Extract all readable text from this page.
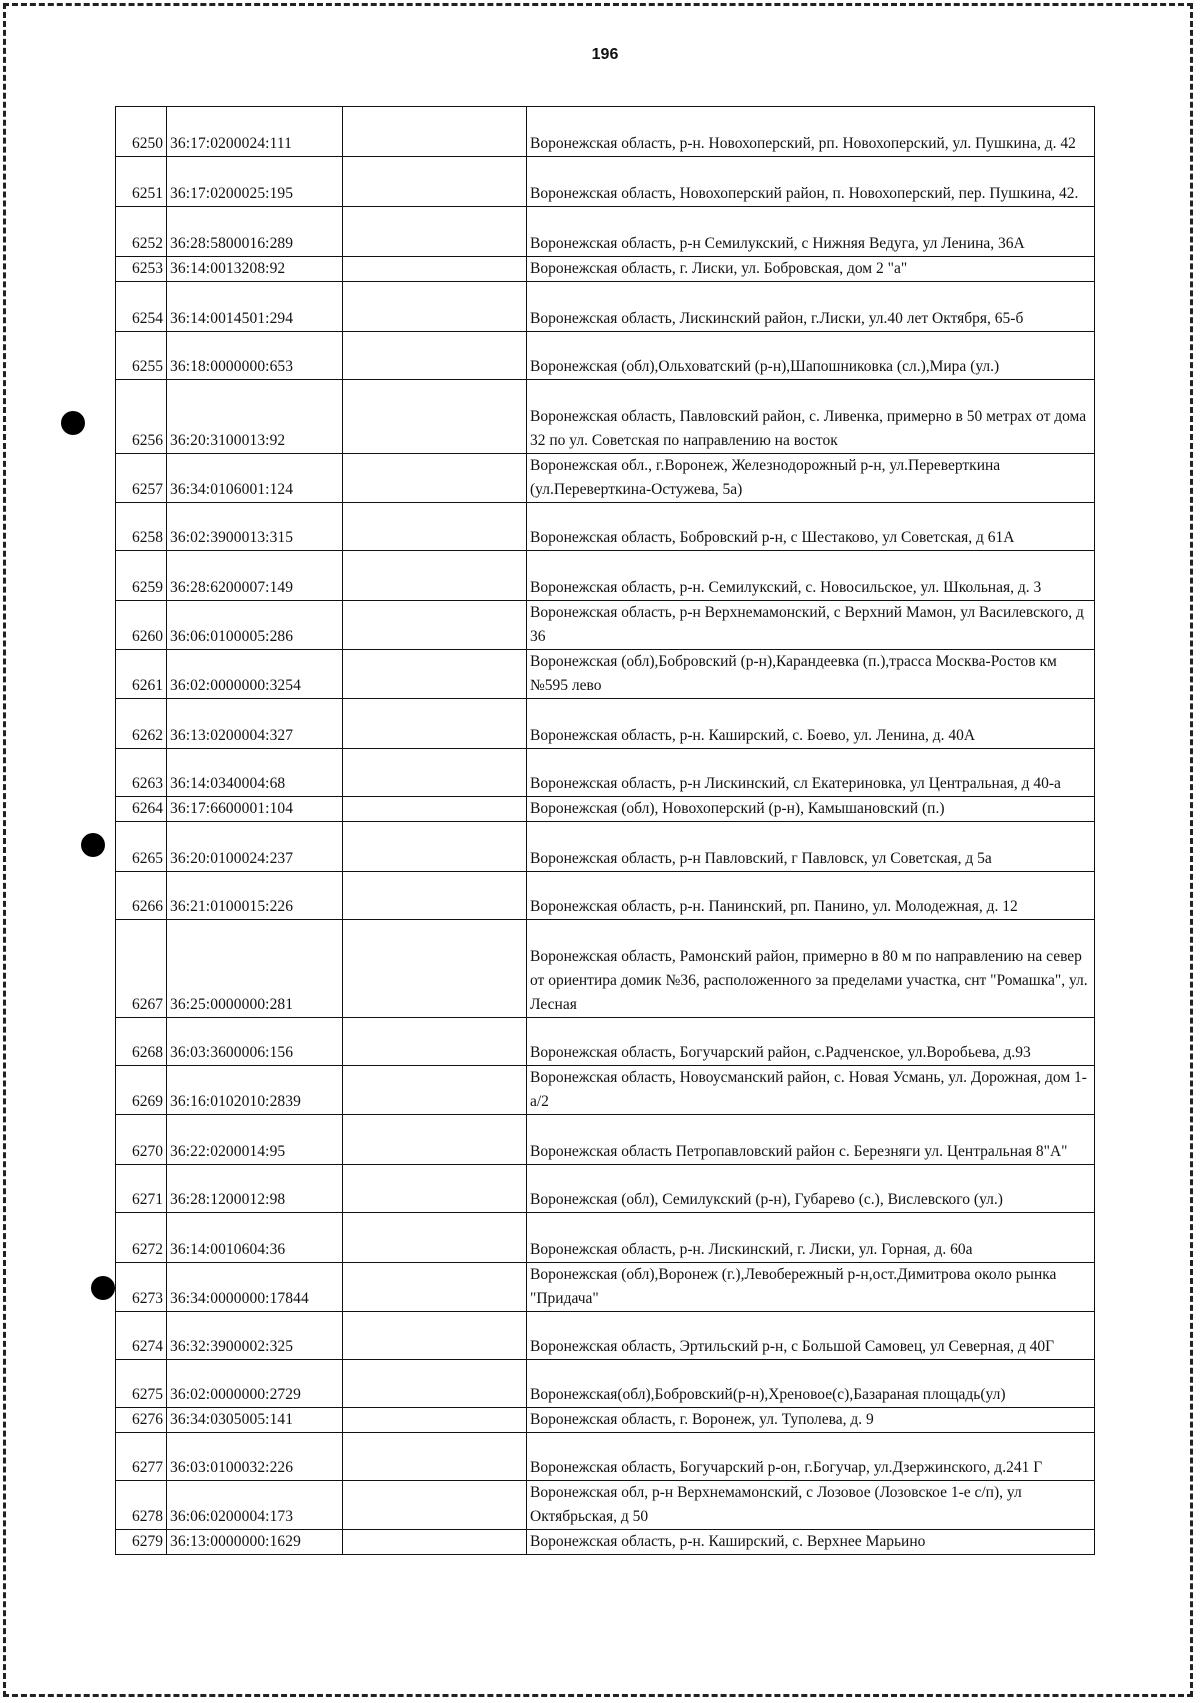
196
6250	36:17:0200024:111		Воронежская область, р-н. Новохоперский, рп. Новохоперский, ул. Пушкина, д. 42
6251	36:17:0200025:195		Воронежская область, Новохоперский район, п. Новохоперский, пер. Пушкина, 42.
6252	36:28:5800016:289		Воронежская область, р-н Семилукский, с Нижняя Ведуга, ул Ленина, 36А
6253	36:14:0013208:92		Воронежская область, г. Лиски, ул. Бобровская, дом 2 "а"
6254	36:14:0014501:294		Воронежская область, Лискинский район, г.Лиски, ул.40 лет Октября, 65-б
6255	36:18:0000000:653		Воронежская (обл),Ольховатский (р-н),Шапошниковка (сл.),Мира (ул.)
6256	36:20:3100013:92		Воронежская область, Павловский район, с. Ливенка, примерно в 50 метрах от дома 32 по ул. Советская по направлению на восток
6257	36:34:0106001:124		Воронежская обл., г.Воронеж, Железнодорожный р-н, ул.Переверткина (ул.Переверткина-Остужева, 5а)
6258	36:02:3900013:315		Воронежская область, Бобровский р-н, с Шестаково, ул Советская, д 61А
6259	36:28:6200007:149		Воронежская область, р-н. Семилукский, с. Новосильское, ул. Школьная, д. 3
6260	36:06:0100005:286		Воронежская область, р-н Верхнемамонский, с Верхний Мамон, ул Василевского, д 36
6261	36:02:0000000:3254		Воронежская (обл),Бобровский (р-н),Карандеевка (п.),трасса Москва-Ростов км №595 лево
6262	36:13:0200004:327		Воронежская область, р-н. Каширский, с. Боево, ул. Ленина, д. 40А
6263	36:14:0340004:68		Воронежская область, р-н Лискинский, сл Екатериновка, ул Центральная, д 40-а
6264	36:17:6600001:104		Воронежская (обл), Новохоперский (р-н), Камышановский (п.)
6265	36:20:0100024:237		Воронежская область, р-н Павловский, г Павловск, ул Советская, д 5а
6266	36:21:0100015:226		Воронежская область, р-н. Панинский, рп. Панино, ул. Молодежная, д. 12
6267	36:25:0000000:281		Воронежская область, Рамонский район, примерно в 80 м по направлению на север от ориентира домик №36, расположенного за пределами участка, снт "Ромашка", ул. Лесная
6268	36:03:3600006:156		Воронежская область, Богучарский район, с.Радченское, ул.Воробьева, д.93
6269	36:16:0102010:2839		Воронежская область, Новоусманский район, с. Новая Усмань, ул. Дорожная, дом 1-а/2
6270	36:22:0200014:95		Воронежская область Петропавловский район с. Березняги ул. Центральная 8"А"
6271	36:28:1200012:98		Воронежская (обл), Семилукский (р-н), Губарево (с.), Вислевского (ул.)
6272	36:14:0010604:36		Воронежская область, р-н. Лискинский, г. Лиски, ул. Горная, д. 60а
6273	36:34:0000000:17844		Воронежская (обл),Воронеж (г.),Левобережный р-н,ост.Димитрова около рынка "Придача"
6274	36:32:3900002:325		Воронежская область, Эртильский р-н, с Большой Самовец, ул Северная, д 40Г
6275	36:02:0000000:2729		Воронежская(обл),Бобровский(р-н),Хреновое(с),Базараная площадь(ул)
6276	36:34:0305005:141		Воронежская область, г. Воронеж, ул. Туполева, д. 9
6277	36:03:0100032:226		Воронежская область, Богучарский р-он, г.Богучар, ул.Дзержинского, д.241 Г
6278	36:06:0200004:173		Воронежская обл, р-н Верхнемамонский, с Лозовое (Лозовское 1-е с/п), ул Октябрьская, д 50
6279	36:13:0000000:1629		Воронежская область, р-н. Каширский, с. Верхнее Марьино
